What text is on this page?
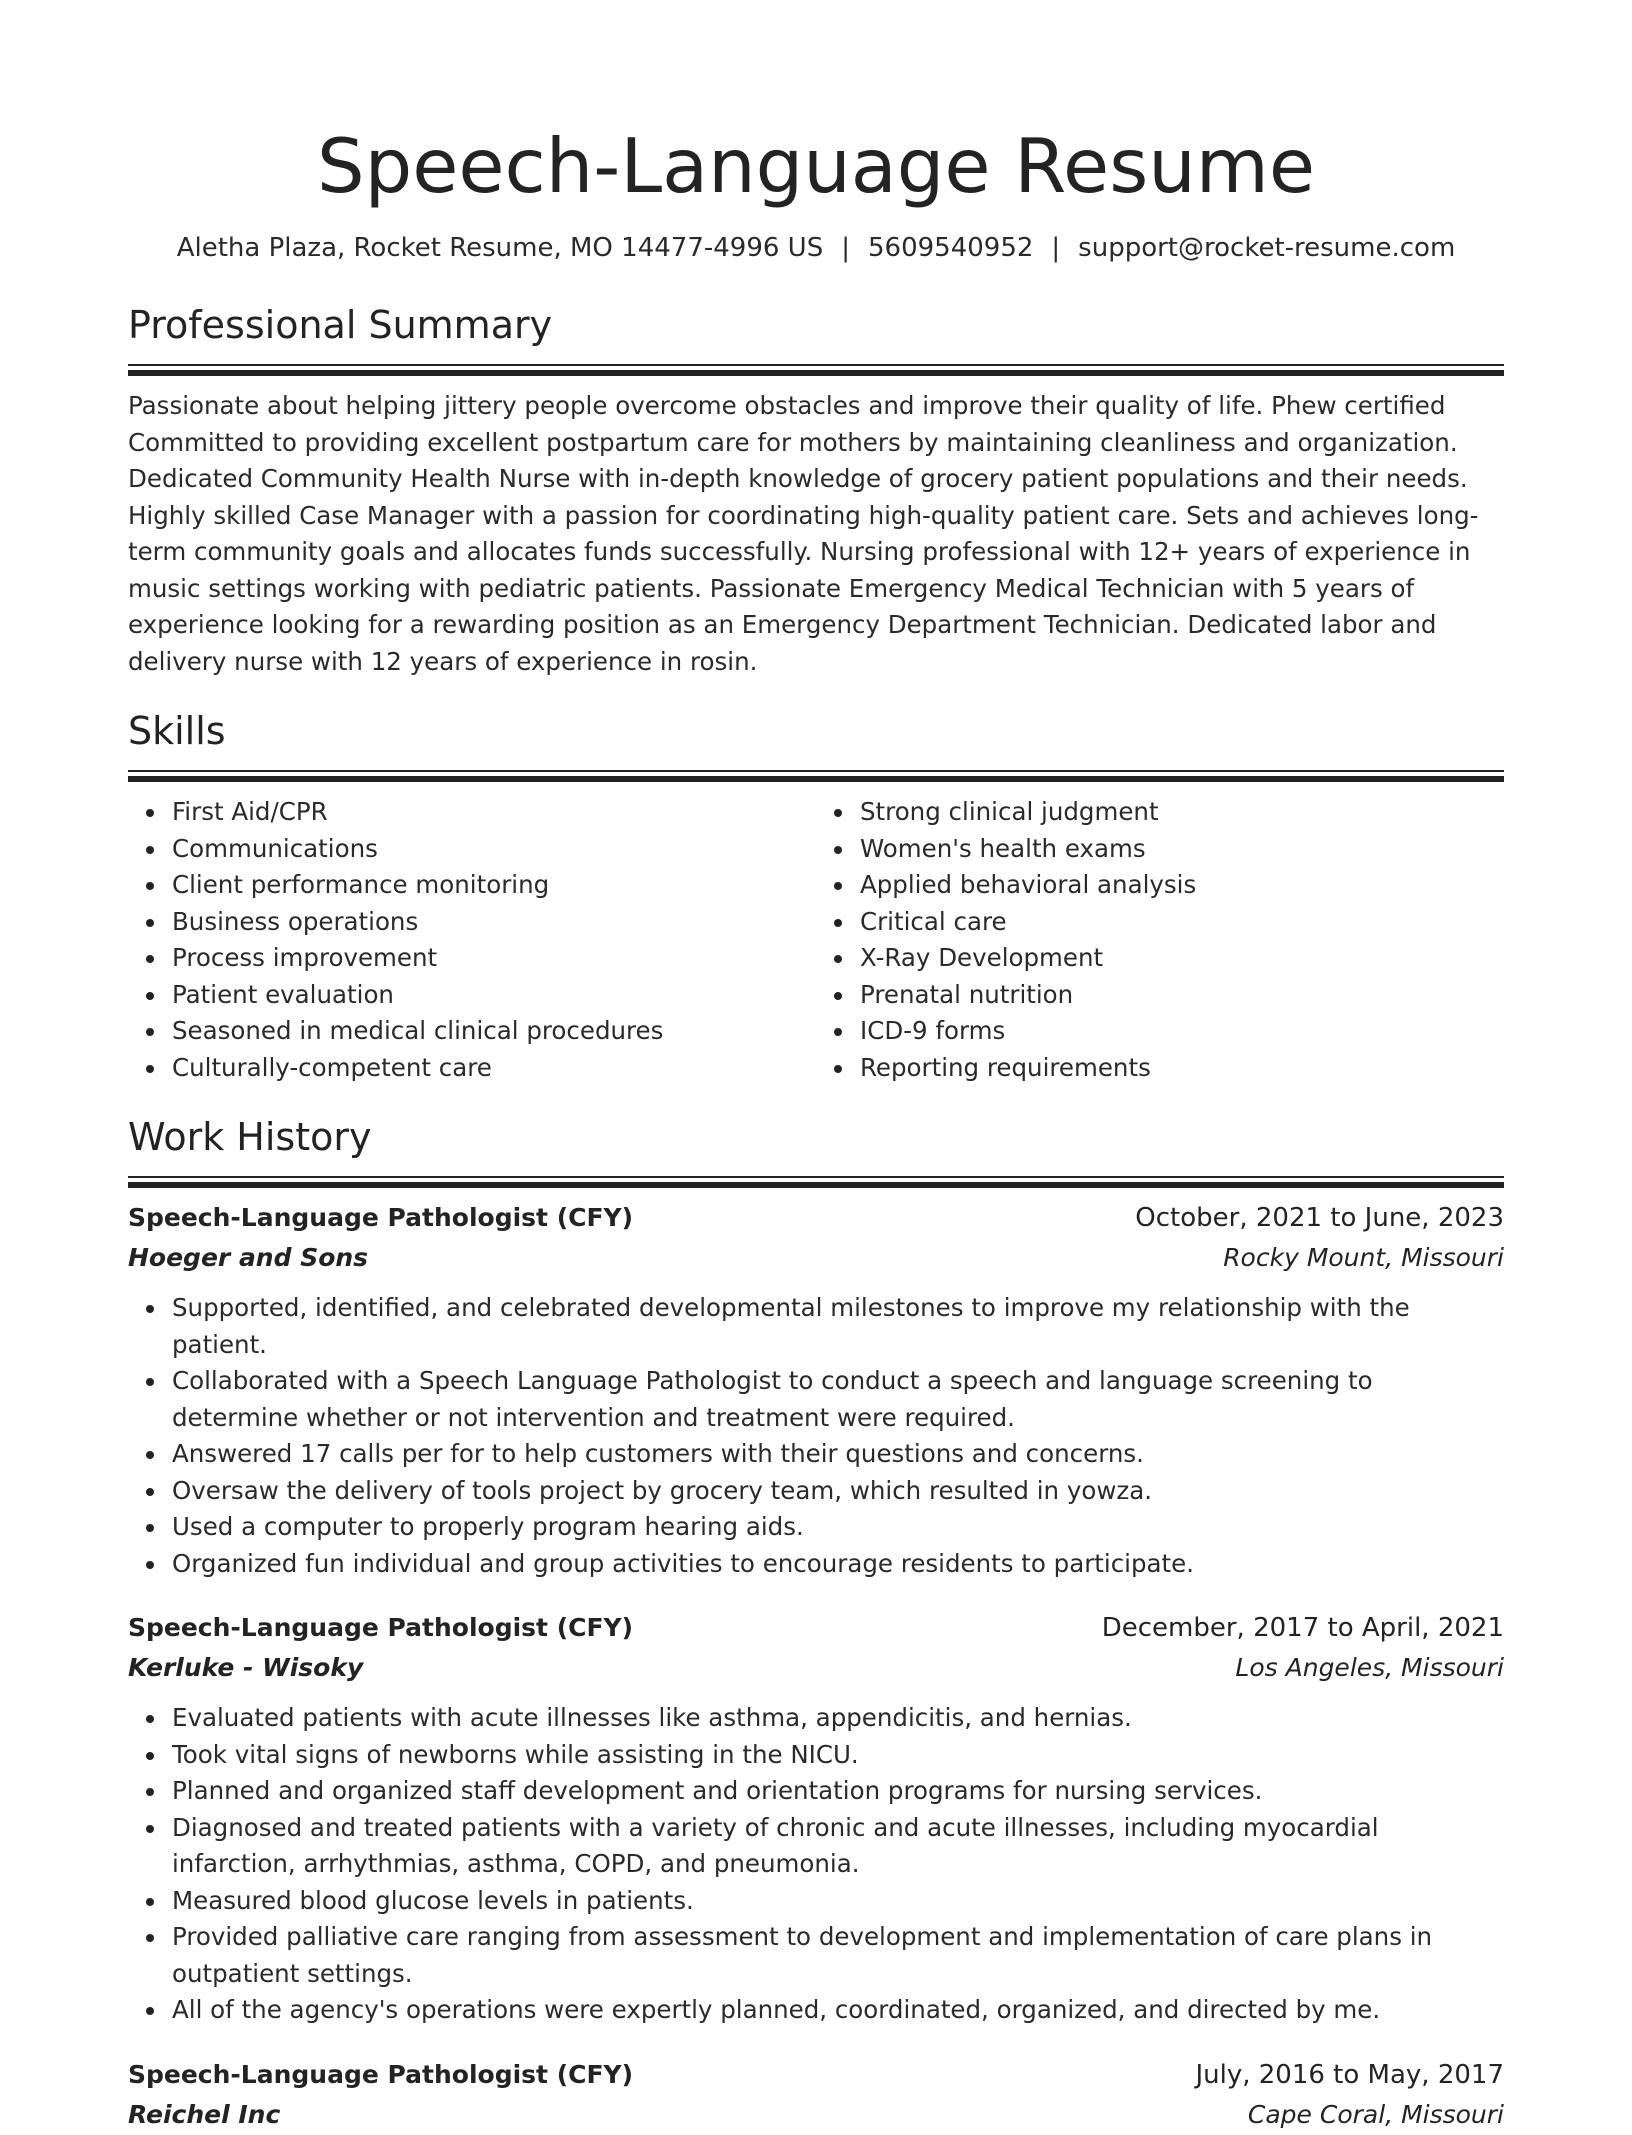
Speech-Language Resume
Aletha Plaza, Rocket Resume, MO 14477-4996 US | 5609540952 | support@rocket-resume.com
Professional Summary

Passionate about helping jittery people overcome obstacles and improve their quality of life. Phew certified Committed to providing excellent postpartum care for mothers by maintaining cleanliness and organization. Dedicated Community Health Nurse with in-depth knowledge of grocery patient populations and their needs. Highly skilled Case Manager with a passion for coordinating high-quality patient care. Sets and achieves long-term community goals and allocates funds successfully. Nursing professional with 12+ years of experience in music settings working with pediatric patients. Passionate Emergency Medical Technician with 5 years of experience looking for a rewarding position as an Emergency Department Technician. Dedicated labor and delivery nurse with 12 years of experience in rosin.

Skills
First Aid/CPR
Communications
Client performance monitoring
Business operations
Process improvement
Patient evaluation
Seasoned in medical clinical procedures
Culturally-competent care
Strong clinical judgment
Women's health exams
Applied behavioral analysis
Critical care
X-Ray Development
Prenatal nutrition
ICD-9 forms
Reporting requirements
Work History
Speech-Language Pathologist (CFY)	October, 2021 to June, 2023
Hoeger and Sons	Rocky Mount, Missouri
Supported, identified, and celebrated developmental milestones to improve my relationship with the patient.
Collaborated with a Speech Language Pathologist to conduct a speech and language screening to determine whether or not intervention and treatment were required.
Answered 17 calls per for to help customers with their questions and concerns.
Oversaw the delivery of tools project by grocery team, which resulted in yowza.
Used a computer to properly program hearing aids.
Organized fun individual and group activities to encourage residents to participate.
Speech-Language Pathologist (CFY)	December, 2017 to April, 2021
Kerluke - Wisoky	Los Angeles, Missouri
Evaluated patients with acute illnesses like asthma, appendicitis, and hernias.
Took vital signs of newborns while assisting in the NICU.
Planned and organized staff development and orientation programs for nursing services.
Diagnosed and treated patients with a variety of chronic and acute illnesses, including myocardial infarction, arrhythmias, asthma, COPD, and pneumonia.
Measured blood glucose levels in patients.
Provided palliative care ranging from assessment to development and implementation of care plans in outpatient settings.
All of the agency's operations were expertly planned, coordinated, organized, and directed by me.
Speech-Language Pathologist (CFY)	July, 2016 to May, 2017
Reichel Inc	Cape Coral, Missouri
